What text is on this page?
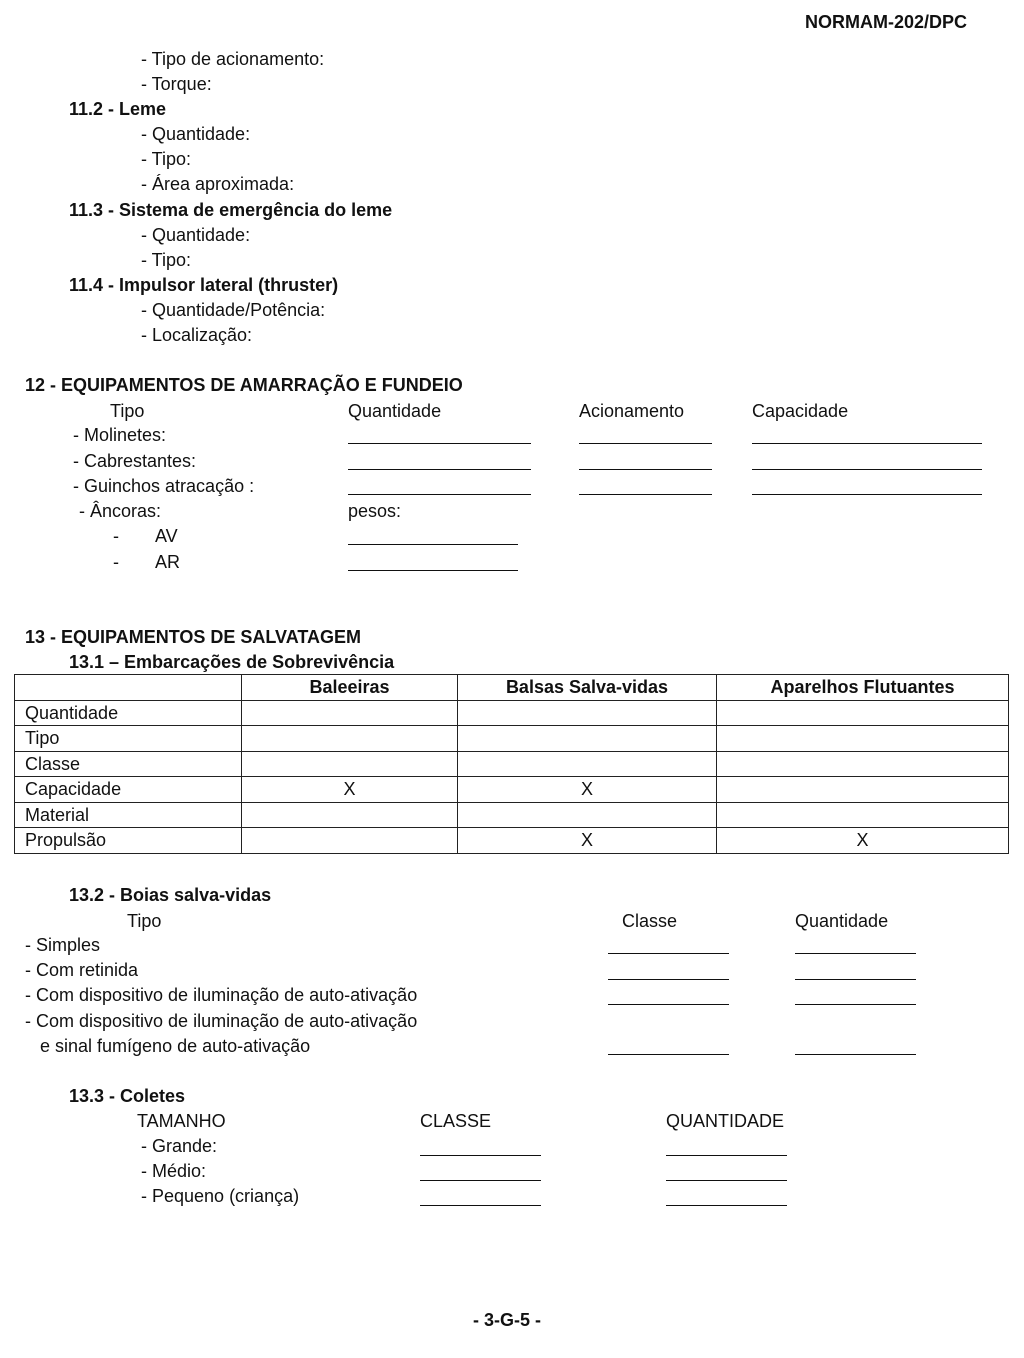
NORMAM-202/DPC
- Tipo de acionamento:
- Torque:
11.2 - Leme
- Quantidade:
- Tipo:
- Área aproximada:
11.3 - Sistema de emergência do leme
- Quantidade:
- Tipo:
11.4 - Impulsor lateral (thruster)
- Quantidade/Potência:
- Localização:
12 - EQUIPAMENTOS DE AMARRAÇÃO E FUNDEIO
Tipo	Quantidade	Acionamento	Capacidade
- Molinetes:
- Cabrestantes:
- Guinchos atracação :
- Âncoras:	pesos:
- AV
- AR
13 - EQUIPAMENTOS DE SALVATAGEM
13.1 – Embarcações de Sobrevivência
	Baleeiras	Balsas Salva-vidas	Aparelhos Flutuantes
Quantidade			
Tipo			
Classe			
Capacidade	X	X	
Material			
Propulsão		X	X
13.2 - Boias salva-vidas
Tipo	Classe	Quantidade
- Simples
- Com retinida
- Com dispositivo de iluminação de auto-ativação
- Com dispositivo de iluminação de auto-ativação
e sinal fumígeno de auto-ativação
13.3 - Coletes
TAMANHO	CLASSE	QUANTIDADE
- Grande:
- Médio:
- Pequeno (criança)
- 3-G-5 -
